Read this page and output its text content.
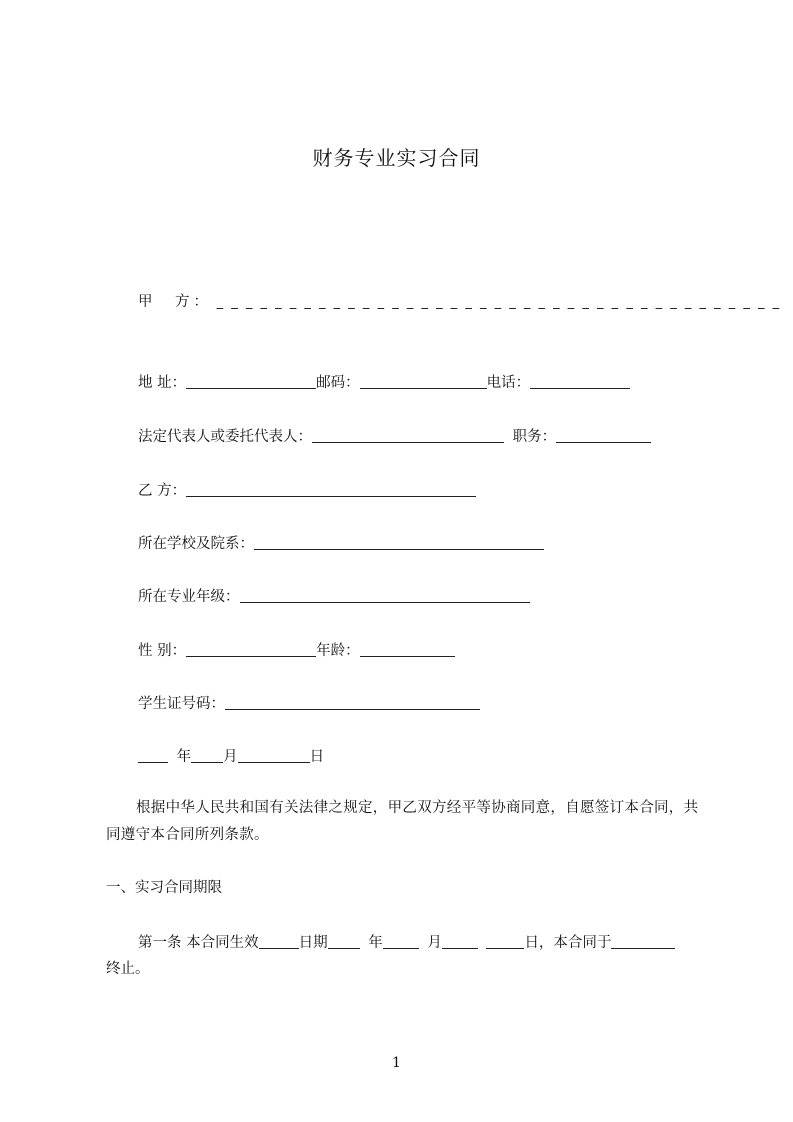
财务专业实习合同
甲　方： _ _ _ _ _ _ _ _ _ _ _ _ _ _ _ _ _ _ _ _ _ _ _ _ _ _ _ _ _ _ _ _ _ _ _ _ _ _ _
地 址：	邮码：	电话：
法定代表人或委托代表人：	职务：
乙 方：
所在学校及院系：
所在专业年级：
性 别：	年龄：
学生证号码：
年 月	日
根据中华人民共和国有关法律之规定，甲乙双方经平等协商同意，自愿签订本合同，共同遵守本合同所列条款。
一、实习合同期限
第一条 本合同生效	日期	年	月	日，本合同于
终止。
1
